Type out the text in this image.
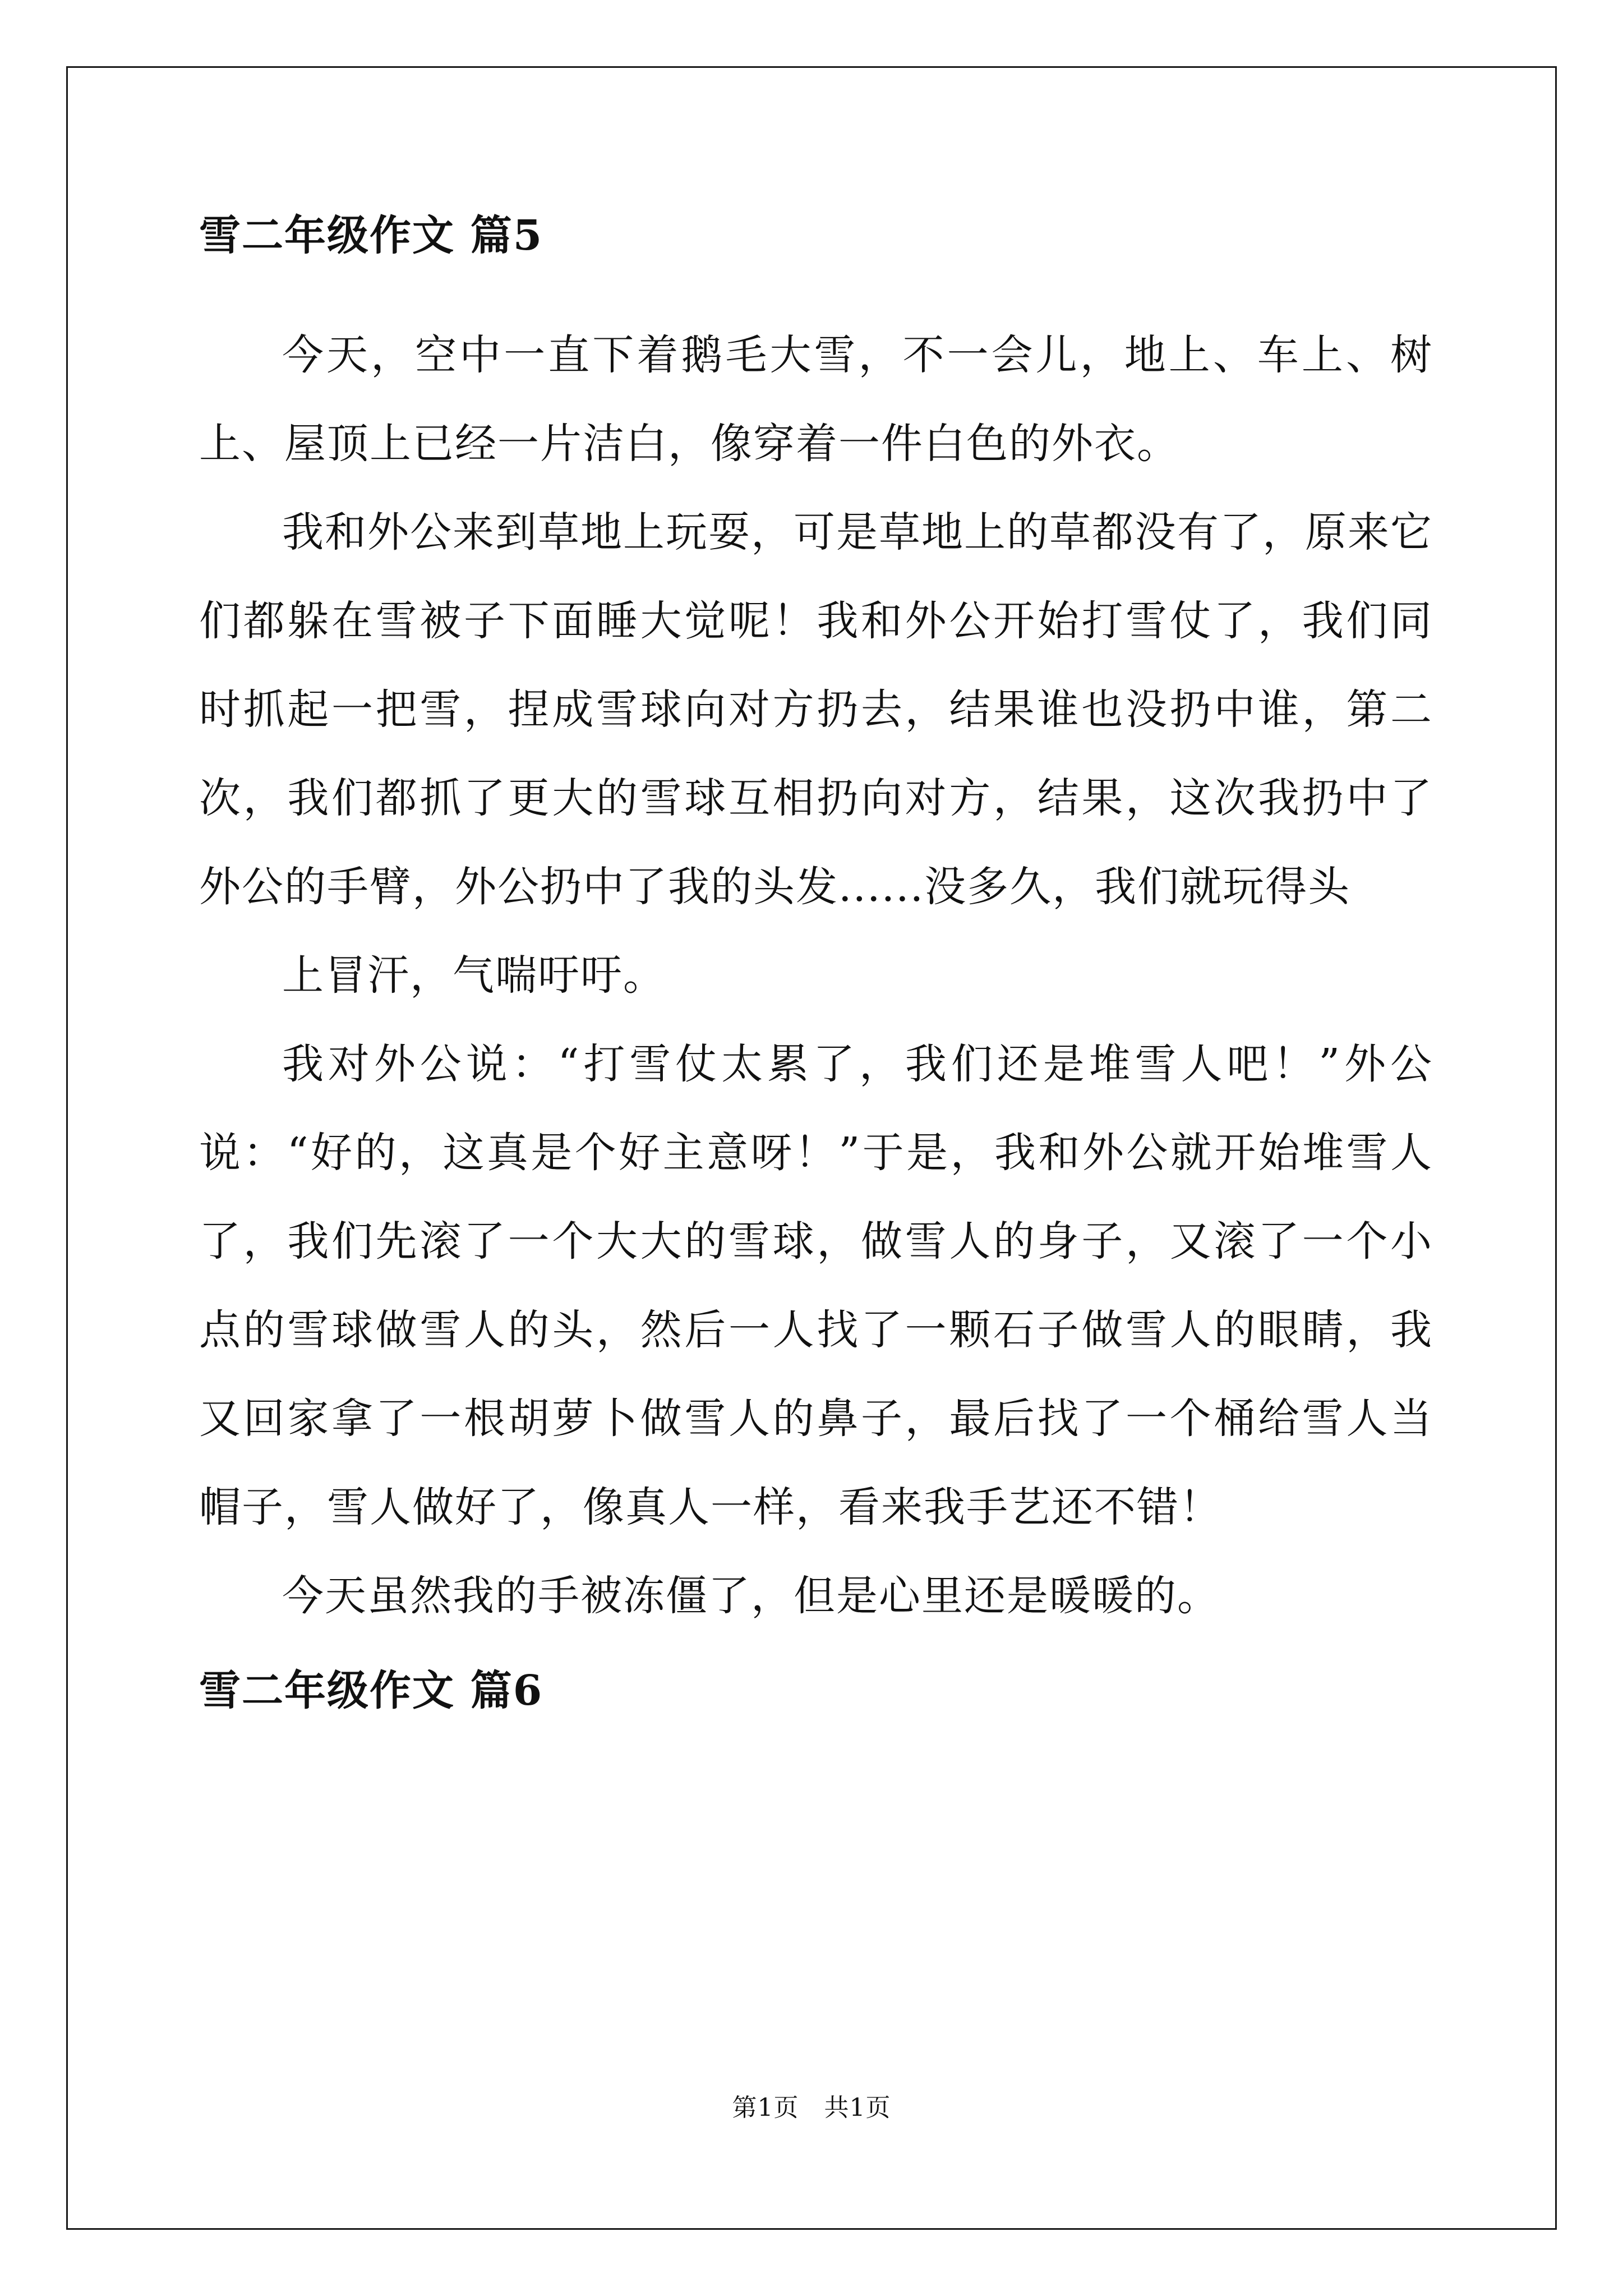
雪二年级作文 篇5

今天，空中一直下着鹅毛大雪，不一会儿，地上、车上、树上、屋顶上已经一片洁白，像穿着一件白色的外衣。

我和外公来到草地上玩耍，可是草地上的草都没有了，原来它们都躲在雪被子下面睡大觉呢！我和外公开始打雪仗了，我们同时抓起一把雪，捏成雪球向对方扔去，结果谁也没扔中谁，第二次，我们都抓了更大的雪球互相扔向对方，结果，这次我扔中了外公的手臂，外公扔中了我的头发......没多久，我们就玩得头

上冒汗，气喘吁吁。

我对外公说：“打雪仗太累了，我们还是堆雪人吧！”外公说：“好的，这真是个好主意呀！”于是，我和外公就开始堆雪人了，我们先滚了一个大大的雪球，做雪人的身子，又滚了一个小点的雪球做雪人的头，然后一人找了一颗石子做雪人的眼睛，我又回家拿了一根胡萝卜做雪人的鼻子，最后找了一个桶给雪人当帽子，雪人做好了，像真人一样，看来我手艺还不错！

今天虽然我的手被冻僵了，但是心里还是暖暖的。

雪二年级作文 篇6
第1页　共1页
